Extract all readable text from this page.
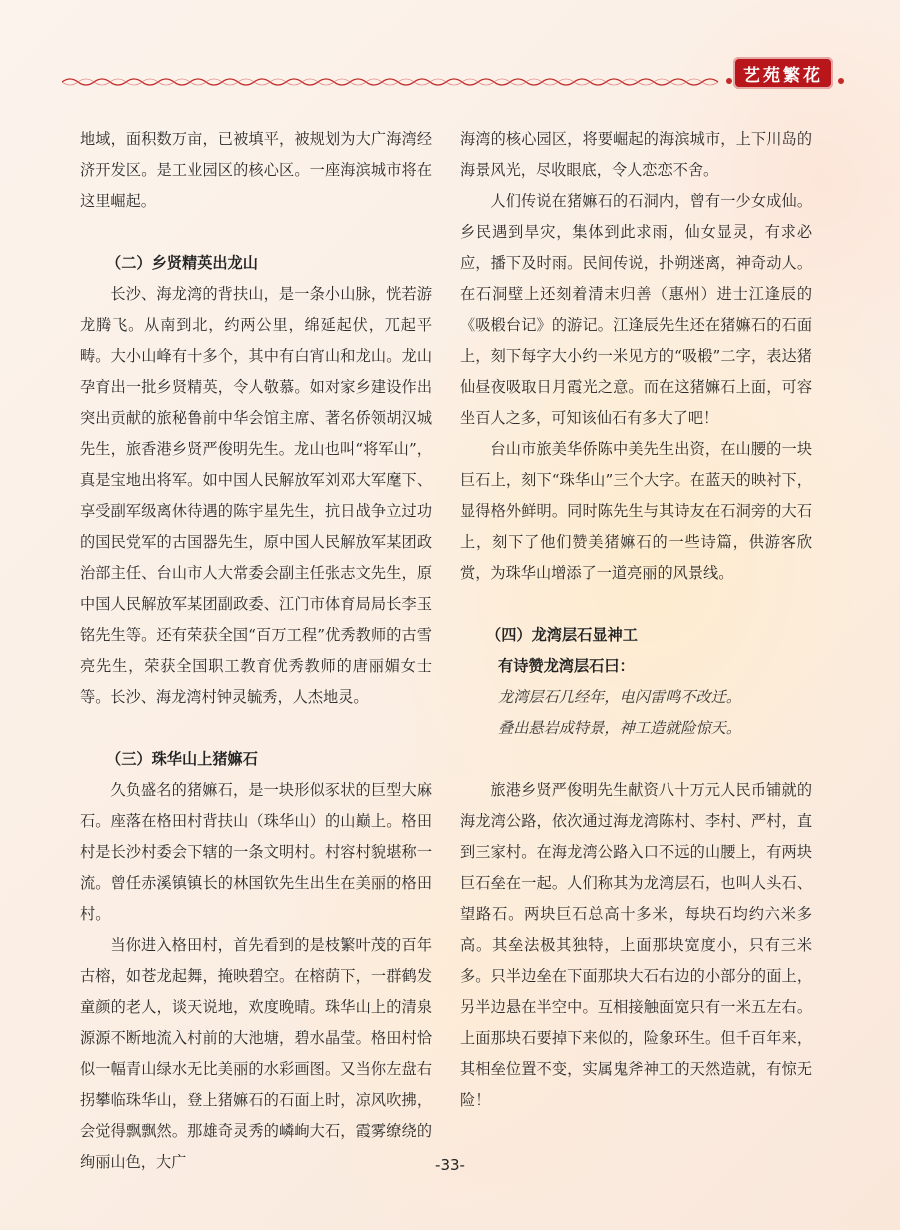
艺苑繁花

地域，面积数万亩，已被填平，被规划为大广海湾经济开发区。是工业园区的核心区。一座海滨城市将在这里崛起。

（二）乡贤精英出龙山

长沙、海龙湾的背扶山，是一条小山脉，恍若游龙腾飞。从南到北，约两公里，绵延起伏，兀起平畴。大小山峰有十多个，其中有白宵山和龙山。龙山孕育出一批乡贤精英，令人敬慕。如对家乡建设作出突出贡献的旅秘鲁前中华会馆主席、著名侨领胡汉城先生，旅香港乡贤严俊明先生。龙山也叫“将军山”，真是宝地出将军。如中国人民解放军刘邓大军麾下、享受副军级离休待遇的陈宇星先生，抗日战争立过功的国民党军的古国器先生，原中国人民解放军某团政治部主任、台山市人大常委会副主任张志文先生，原中国人民解放军某团副政委、江门市体育局局长李玉铭先生等。还有荣获全国“百万工程”优秀教师的古雪亮先生，荣获全国职工教育优秀教师的唐丽媚女士等。长沙、海龙湾村钟灵毓秀，人杰地灵。

（三）珠华山上猪嫲石

久负盛名的猪嫲石，是一块形似豕状的巨型大麻石。座落在格田村背扶山（珠华山）的山巅上。格田村是长沙村委会下辖的一条文明村。村容村貌堪称一流。曾任赤溪镇镇长的林国钦先生出生在美丽的格田村。

当你进入格田村，首先看到的是枝繁叶茂的百年古榕，如苍龙起舞，掩映碧空。在榕荫下，一群鹤发童颜的老人，谈天说地，欢度晚晴。珠华山上的清泉源源不断地流入村前的大池塘，碧水晶莹。格田村恰似一幅青山绿水无比美丽的水彩画图。又当你左盘右拐攀临珠华山，登上猪嫲石的石面上时，凉风吹拂，会觉得飘飘然。那雄奇灵秀的嶙峋大石，霞雾缭绕的绚丽山色，大广

海湾的核心园区，将要崛起的海滨城市，上下川岛的海景风光，尽收眼底，令人恋恋不舍。

人们传说在猪嫲石的石洞内，曾有一少女成仙。乡民遇到旱灾，集体到此求雨，仙女显灵，有求必应，播下及时雨。民间传说，扑朔迷离，神奇动人。在石洞壁上还刻着清末归善（惠州）进士江逢辰的《吸椴台记》的游记。江逢辰先生还在猪嫲石的石面上，刻下每字大小约一米见方的“吸椴”二字，表达猪仙昼夜吸取日月霞光之意。而在这猪嫲石上面，可容坐百人之多，可知该仙石有多大了吧！

台山市旅美华侨陈中美先生出资，在山腰的一块巨石上，刻下“珠华山”三个大字。在蓝天的映衬下，显得格外鲜明。同时陈先生与其诗友在石洞旁的大石上，刻下了他们赞美猪嫲石的一些诗篇，供游客欣赏，为珠华山增添了一道亮丽的风景线。

（四）龙湾层石显神工

有诗赞龙湾层石曰：

龙湾层石几经年，电闪雷鸣不改迁。

叠出悬岩成特景，神工造就险惊天。

旅港乡贤严俊明先生献资八十万元人民币铺就的海龙湾公路，依次通过海龙湾陈村、李村、严村，直到三家村。在海龙湾公路入口不远的山腰上，有两块巨石垒在一起。人们称其为龙湾层石，也叫人头石、望路石。两块巨石总高十多米，每块石均约六米多高。其垒法极其独特，上面那块宽度小，只有三米多。只半边垒在下面那块大石右边的小部分的面上，另半边悬在半空中。互相接触面宽只有一米五左右。上面那块石要掉下来似的，险象环生。但千百年来，其相垒位置不变，实属鬼斧神工的天然造就，有惊无险！

-33-
